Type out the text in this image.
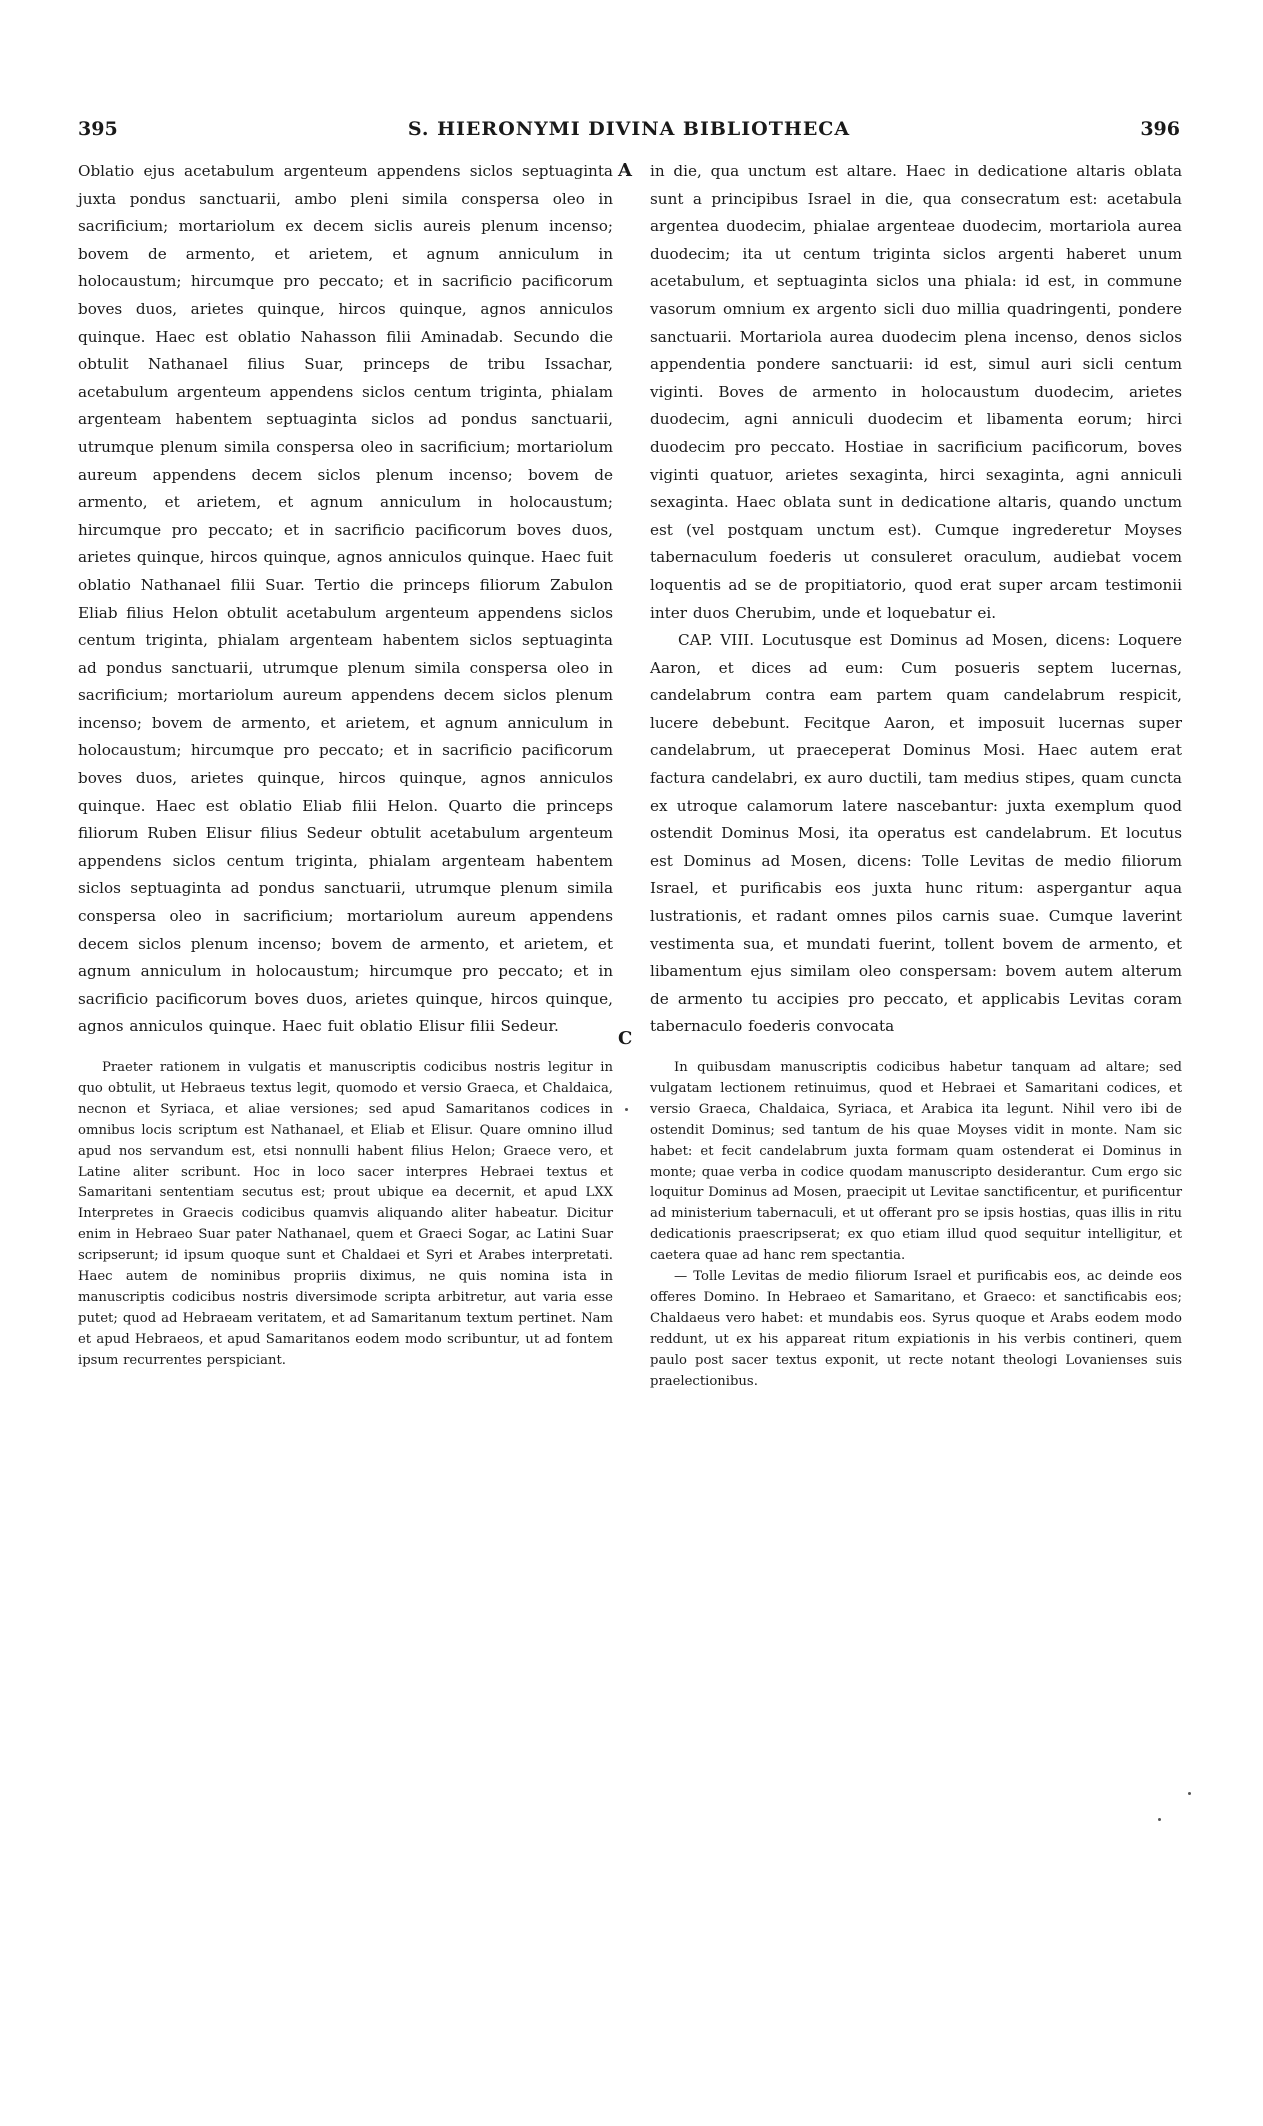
395	S. HIERONYMI DIVINA BIBLIOTHECA	396
A
C

Oblatio ejus acetabulum argenteum appendens siclos septuaginta juxta pondus sanctuarii, ambo pleni simila conspersa oleo in sacrificium; mortariolum ex decem siclis aureis plenum incenso; bovem de armento, et arietem, et agnum anniculum in holocaustum; hircumque pro peccato; et in sacrificio pacificorum boves duos, arietes quinque, hircos quinque, agnos anniculos quinque. Haec est oblatio Nahasson filii Aminadab. Secundo die obtulit Nathanael filius Suar, princeps de tribu Issachar, acetabulum argenteum appendens siclos centum triginta, phialam argenteam habentem septuaginta siclos ad pondus sanctuarii, utrumque plenum simila conspersa oleo in sacrificium; mortariolum aureum appendens decem siclos plenum incenso; bovem de armento, et arietem, et agnum anniculum in holocaustum; hircumque pro peccato; et in sacrificio pacificorum boves duos, arietes quinque, hircos quinque, agnos anniculos quinque. Haec fuit oblatio Nathanael filii Suar. Tertio die princeps filiorum Zabulon Eliab filius Helon obtulit acetabulum argenteum appendens siclos centum triginta, phialam argenteam habentem siclos septuaginta ad pondus sanctuarii, utrumque plenum simila conspersa oleo in sacrificium; mortariolum aureum appendens decem siclos plenum incenso; bovem de armento, et arietem, et agnum anniculum in holocaustum; hircumque pro peccato; et in sacrificio pacificorum boves duos, arietes quinque, hircos quinque, agnos anniculos quinque. Haec est oblatio Eliab filii Helon. Quarto die princeps filiorum Ruben Elisur filius Sedeur obtulit acetabulum argenteum appendens siclos centum triginta, phialam argenteam habentem siclos septuaginta ad pondus sanctuarii, utrumque plenum simila conspersa oleo in sacrificium; mortariolum aureum appendens decem siclos plenum incenso; bovem de armento, et arietem, et agnum anniculum in holocaustum; hircumque pro peccato; et in sacrificio pacificorum boves duos, arietes quinque, hircos quinque, agnos anniculos quinque. Haec fuit oblatio Elisur filii Sedeur.

in die, qua unctum est altare. Haec in dedicatione altaris oblata sunt a principibus Israel in die, qua consecratum est: acetabula argentea duodecim, phialae argenteae duodecim, mortariola aurea duodecim; ita ut centum triginta siclos argenti haberet unum acetabulum, et septuaginta siclos una phiala: id est, in commune vasorum omnium ex argento sicli duo millia quadringenti, pondere sanctuarii. Mortariola aurea duodecim plena incenso, denos siclos appendentia pondere sanctuarii: id est, simul auri sicli centum viginti. Boves de armento in holocaustum duodecim, arietes duodecim, agni anniculi duodecim et libamenta eorum; hirci duodecim pro peccato. Hostiae in sacrificium pacificorum, boves viginti quatuor, arietes sexaginta, hirci sexaginta, agni anniculi sexaginta. Haec oblata sunt in dedicatione altaris, quando unctum est (vel postquam unctum est). Cumque ingrederetur Moyses tabernaculum foederis ut consuleret oraculum, audiebat vocem loquentis ad se de propitiatorio, quod erat super arcam testimonii inter duos Cherubim, unde et loquebatur ei.

CAP. VIII. Locutusque est Dominus ad Mosen, dicens: Loquere Aaron, et dices ad eum: Cum posueris septem lucernas, candelabrum contra eam partem quam candelabrum respicit, lucere debebunt. Fecitque Aaron, et imposuit lucernas super candelabrum, ut praeceperat Dominus Mosi. Haec autem erat factura candelabri, ex auro ductili, tam medius stipes, quam cuncta ex utroque calamorum latere nascebantur: juxta exemplum quod ostendit Dominus Mosi, ita operatus est candelabrum. Et locutus est Dominus ad Mosen, dicens: Tolle Levitas de medio filiorum Israel, et purificabis eos juxta hunc ritum: aspergantur aqua lustrationis, et radant omnes pilos carnis suae. Cumque laverint vestimenta sua, et mundati fuerint, tollent bovem de armento, et libamentum ejus similam oleo conspersam: bovem autem alterum de armento tu accipies pro peccato, et applicabis Levitas coram tabernaculo foederis convocata

Praeter rationem in vulgatis et manuscriptis codicibus nostris legitur in quo obtulit, ut Hebraeus textus legit, quomodo et versio Graeca, et Chaldaica, necnon et Syriaca, et aliae versiones; sed apud Samaritanos codices in omnibus locis scriptum est Nathanael, et Eliab et Elisur. Quare omnino illud apud nos servandum est, etsi nonnulli habent filius Helon; Graece vero, et Latine aliter scribunt. Hoc in loco sacer interpres Hebraei textus et Samaritani sententiam secutus est; prout ubique ea decernit, et apud LXX Interpretes in Graecis codicibus quamvis aliquando aliter habeatur. Dicitur enim in Hebraeo Suar pater Nathanael, quem et Graeci Sogar, ac Latini Suar scripserunt; id ipsum quoque sunt et Chaldaei et Syri et Arabes interpretati. Haec autem de nominibus propriis diximus, ne quis nomina ista in manuscriptis codicibus nostris diversimode scripta arbitretur, aut varia esse putet; quod ad Hebraeam veritatem, et ad Samaritanum textum pertinet. Nam et apud Hebraeos, et apud Samaritanos eodem modo scribuntur, ut ad fontem ipsum recurrentes perspiciant.

In quibusdam manuscriptis codicibus habetur tanquam ad altare; sed vulgatam lectionem retinuimus, quod et Hebraei et Samaritani codices, et versio Graeca, Chaldaica, Syriaca, et Arabica ita legunt. Nihil vero ibi de ostendit Dominus; sed tantum de his quae Moyses vidit in monte. Nam sic habet: et fecit candelabrum juxta formam quam ostenderat ei Dominus in monte; quae verba in codice quodam manuscripto desiderantur. Cum ergo sic loquitur Dominus ad Mosen, praecipit ut Levitae sanctificentur, et purificentur ad ministerium tabernaculi, et ut offerant pro se ipsis hostias, quas illis in ritu dedicationis praescripserat; ex quo etiam illud quod sequitur intelligitur, et caetera quae ad hanc rem spectantia.

— Tolle Levitas de medio filiorum Israel et purificabis eos, ac deinde eos offeres Domino. In Hebraeo et Samaritano, et Graeco: et sanctificabis eos; Chaldaeus vero habet: et mundabis eos. Syrus quoque et Arabs eodem modo reddunt, ut ex his appareat ritum expiationis in his verbis contineri, quem paulo post sacer textus exponit, ut recte notant theologi Lovanienses suis praelectionibus.
